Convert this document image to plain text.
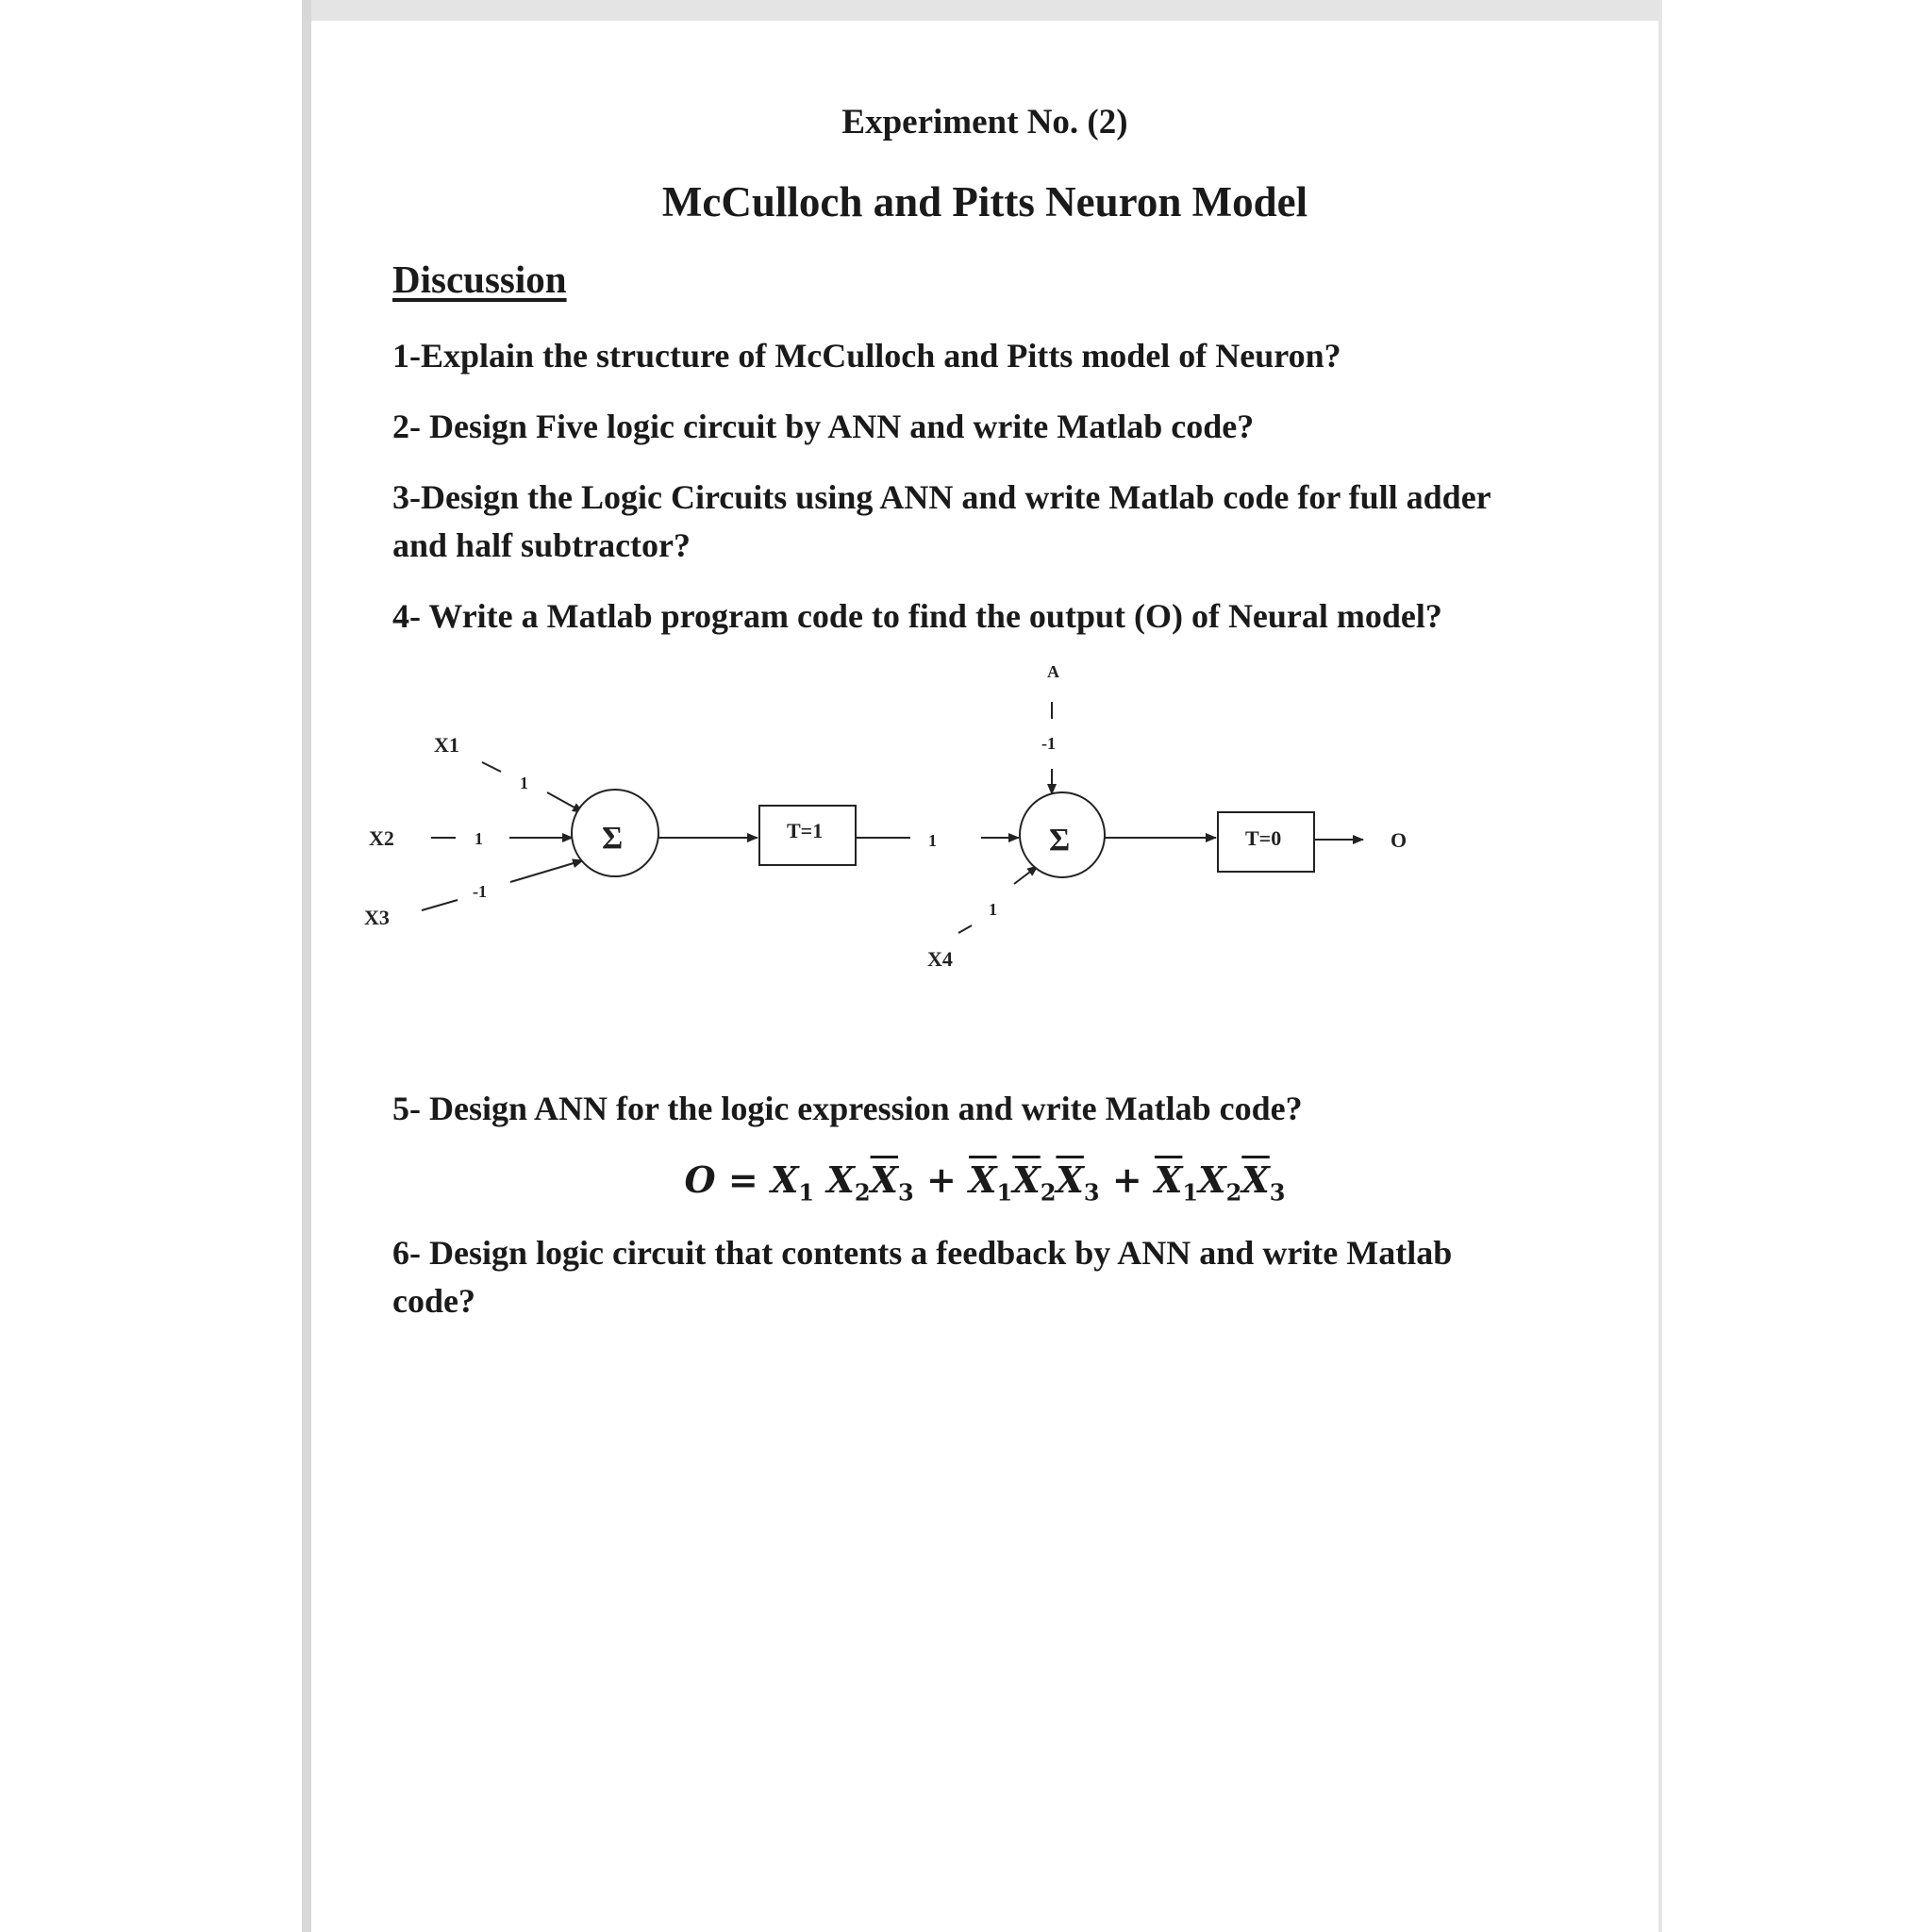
Experiment No. (2)

McCulloch and Pitts Neuron Model

Discussion

1-Explain the structure of McCulloch and Pitts model of Neuron?

2- Design Five logic circuit by ANN and write Matlab code?

3-Design the Logic Circuits using ANN and write Matlab code for full adder

and half subtractor?

4- Write a Matlab program code to find the output (O) of Neural model?

X1
X2
X3
X4
A
1
1
-1
1
1
-1
Σ	T=1	Σ	T=0	O

5- Design ANN for the logic expression and write Matlab code?

$O = X_1$ $X_2\overline{X}_3 + \overline{X}_1\overline{X}_2\overline{X}_3 + \overline{X}_1X_2\overline{X}_3$

6- Design logic circuit that contents a feedback by ANN and write Matlab

code?
